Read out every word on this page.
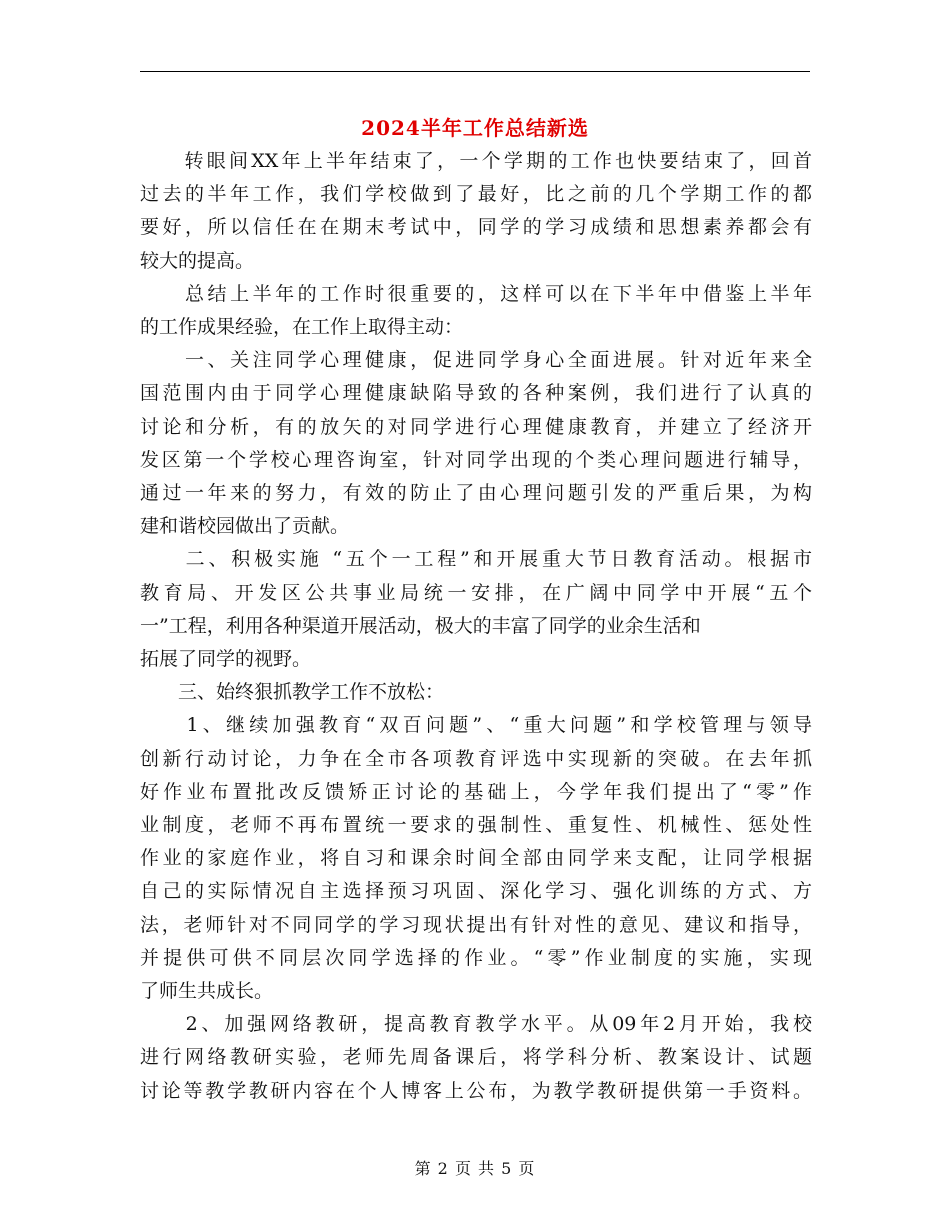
2024半年工作总结新选
　　转眼间XX年上半年结束了，一个学期的工作也快要结束了，回首
过去的半年工作，我们学校做到了最好，比之前的几个学期工作的都
要好，所以信任在在期末考试中，同学的学习成绩和思想素养都会有
较大的提高。
　　总结上半年的工作时很重要的，这样可以在下半年中借鉴上半年
的工作成果经验，在工作上取得主动：
　　一、关注同学心理健康，促进同学身心全面进展。针对近年来全
国范围内由于同学心理健康缺陷导致的各种案例，我们进行了认真的
讨论和分析，有的放矢的对同学进行心理健康教育，并建立了经济开
发区第一个学校心理咨询室，针对同学出现的个类心理问题进行辅导，
通过一年来的努力，有效的防止了由心理问题引发的严重后果，为构
建和谐校园做出了贡献。
　　二、积极实施 “五个一工程”和开展重大节日教育活动。根据市
教育局、开发区公共事业局统一安排，在广阔中同学中开展“五个
一”工程，利用各种渠道开展活动，极大的丰富了同学的业余生活和
拓展了同学的视野。
　　三、始终狠抓教学工作不放松：
　　1、继续加强教育“双百问题”、“重大问题”和学校管理与领导
创新行动讨论，力争在全市各项教育评选中实现新的突破。在去年抓
好作业布置批改反馈矫正讨论的基础上，今学年我们提出了“零”作
业制度，老师不再布置统一要求的强制性、重复性、机械性、惩处性
作业的家庭作业，将自习和课余时间全部由同学来支配，让同学根据
自己的实际情况自主选择预习巩固、深化学习、强化训练的方式、方
法，老师针对不同同学的学习现状提出有针对性的意见、建议和指导，
并提供可供不同层次同学选择的作业。“零”作业制度的实施，实现
了师生共成长。
　　2、加强网络教研，提高教育教学水平。从09年2月开始，我校
进行网络教研实验，老师先周备课后，将学科分析、教案设计、试题
讨论等教学教研内容在个人博客上公布，为教学教研提供第一手资料。
第 2 页 共 5 页
